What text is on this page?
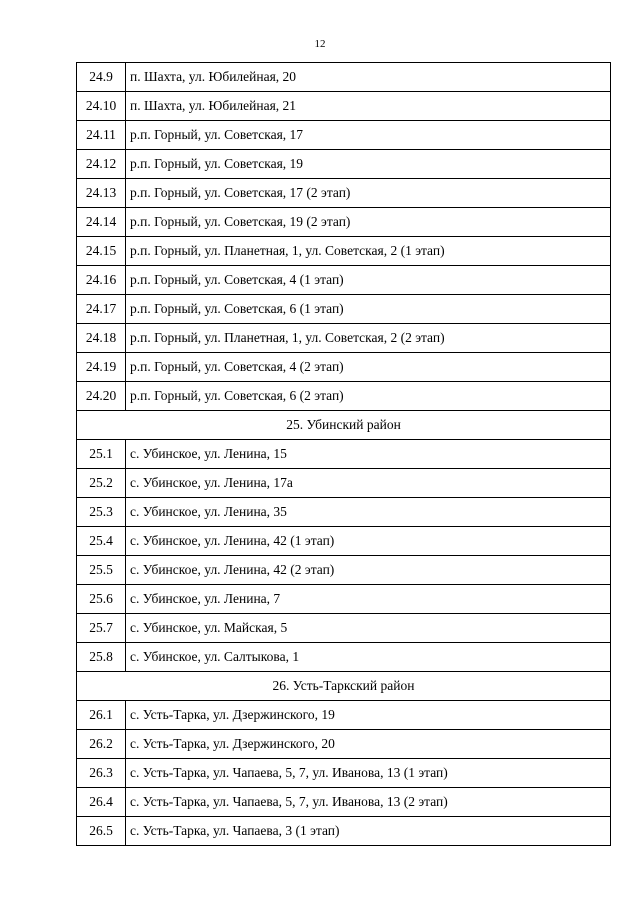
12
24.9	п. Шахта, ул. Юбилейная, 20
24.10	п. Шахта, ул. Юбилейная, 21
24.11	р.п. Горный, ул. Советская, 17
24.12	р.п. Горный, ул. Советская, 19
24.13	р.п. Горный, ул. Советская, 17 (2 этап)
24.14	р.п. Горный, ул. Советская, 19 (2 этап)
24.15	р.п. Горный, ул. Планетная, 1, ул. Советская, 2 (1 этап)
24.16	р.п. Горный, ул. Советская, 4 (1 этап)
24.17	р.п. Горный, ул. Советская, 6 (1 этап)
24.18	р.п. Горный, ул. Планетная, 1, ул. Советская, 2 (2 этап)
24.19	р.п. Горный, ул. Советская, 4 (2 этап)
24.20	р.п. Горный, ул. Советская, 6 (2 этап)
25. Убинский район	
25.1	с. Убинское, ул. Ленина, 15
25.2	с. Убинское, ул. Ленина, 17а
25.3	с. Убинское, ул. Ленина, 35
25.4	с. Убинское, ул. Ленина, 42 (1 этап)
25.5	с. Убинское, ул. Ленина, 42 (2 этап)
25.6	с. Убинское, ул. Ленина, 7
25.7	с. Убинское, ул. Майская, 5
25.8	с. Убинское, ул. Салтыкова, 1
26. Усть-Таркский район	
26.1	с. Усть-Тарка, ул. Дзержинского, 19
26.2	с. Усть-Тарка, ул. Дзержинского, 20
26.3	с. Усть-Тарка, ул. Чапаева, 5, 7, ул. Иванова, 13 (1 этап)
26.4	с. Усть-Тарка, ул. Чапаева, 5, 7, ул. Иванова, 13 (2 этап)
26.5	с. Усть-Тарка, ул. Чапаева, 3 (1 этап)
